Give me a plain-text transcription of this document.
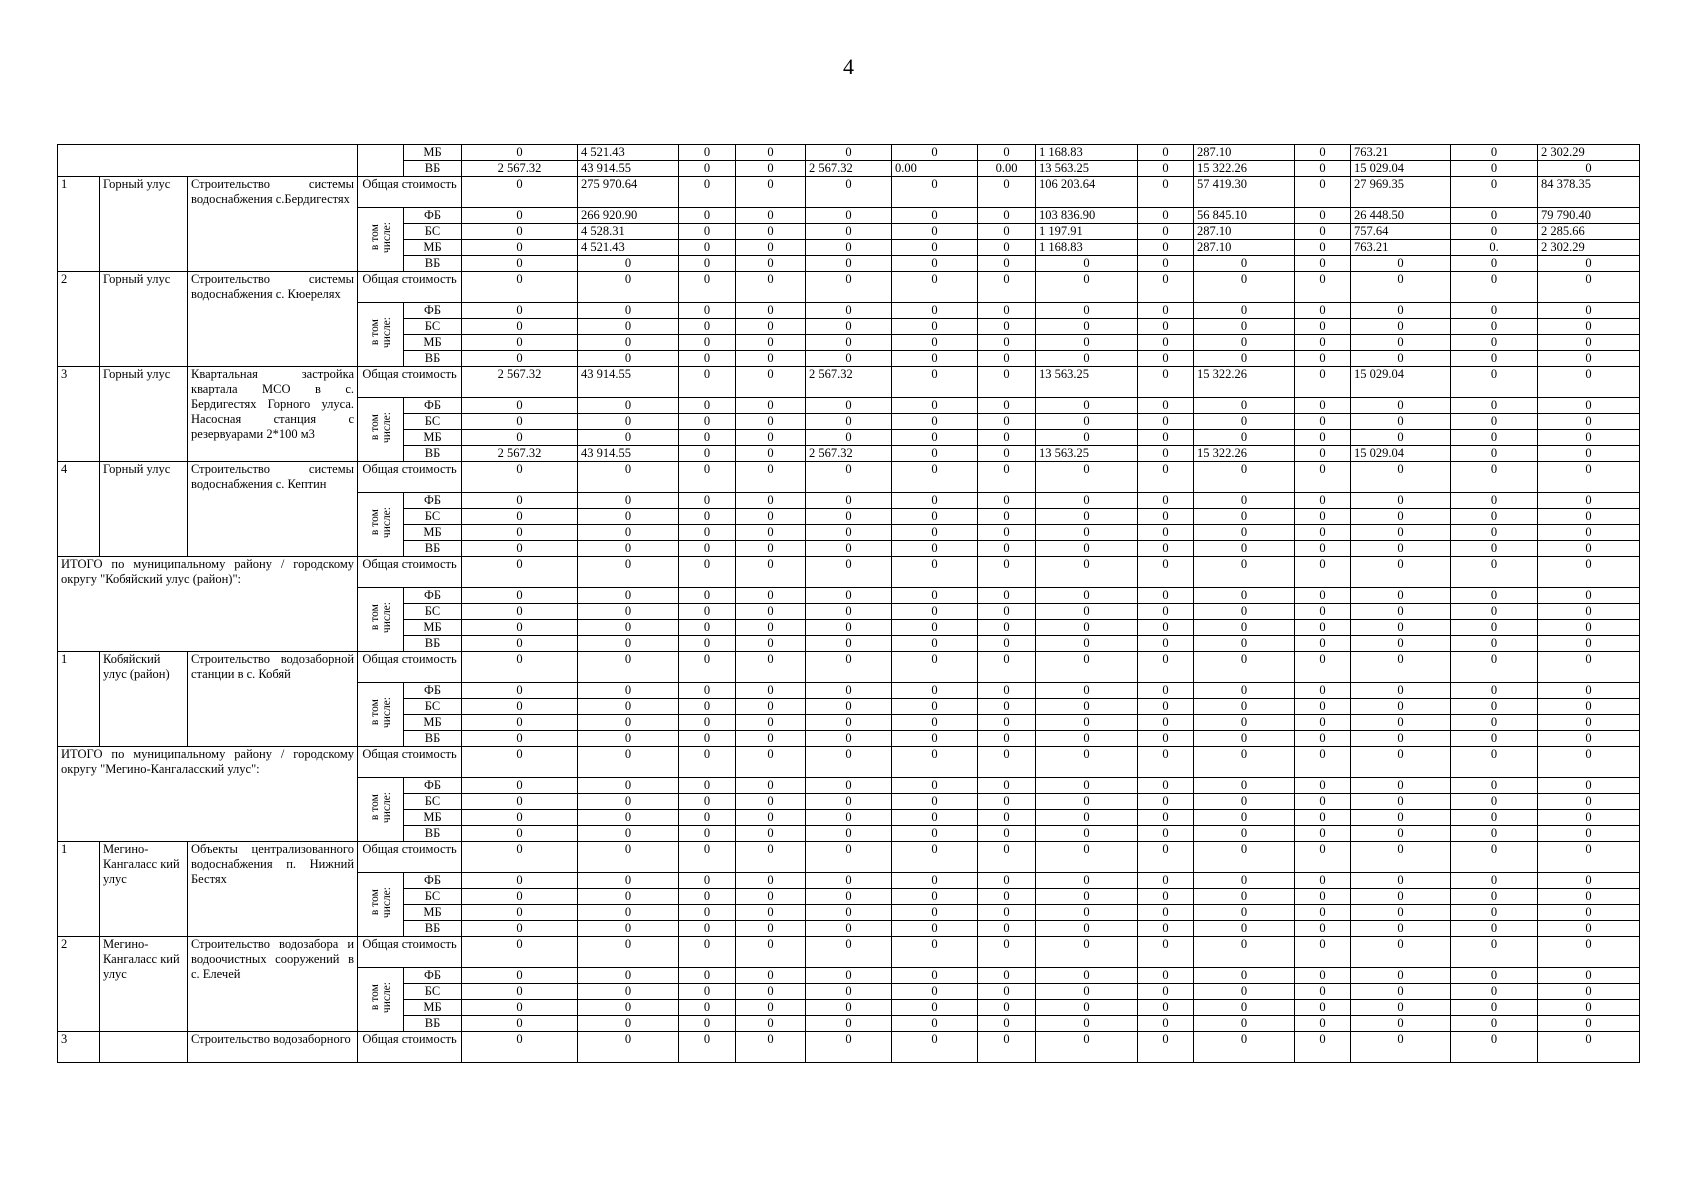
4
				МБ	0	4 521.43	0	0	0	0	0	1 168.83	0	287.10	0	763.21	0	2 302.29
				ВБ	2 567.32	43 914.55	0	0	2 567.32	0.00	0.00	13 563.25	0	15 322.26	0	15 029.04	0	0
1	Горный улус	Строительство системы водоснабжения с.Бердигестях	Общая стоимость		0	275 970.64	0	0	0	0	0	106 203.64	0	57 419.30	0	27 969.35	0	84 378.35
			в том
числе:	ФБ	0	266 920.90	0	0	0	0	0	103 836.90	0	56 845.10	0	26 448.50	0	79 790.40
				БС	0	4 528.31	0	0	0	0	0	1 197.91	0	287.10	0	757.64	0	2 285.66
				МБ	0	4 521.43	0	0	0	0	0	1 168.83	0	287.10	0	763.21	0.	2 302.29
				ВБ	0	0	0	0	0	0	0	0	0	0	0	0	0	0
2	Горный улус	Строительство системы водоснабжения с. Кюерелях	Общая стоимость		0	0	0	0	0	0	0	0	0	0	0	0	0	0
			в том
числе:	ФБ	0	0	0	0	0	0	0	0	0	0	0	0	0	0
				БС	0	0	0	0	0	0	0	0	0	0	0	0	0	0
				МБ	0	0	0	0	0	0	0	0	0	0	0	0	0	0
				ВБ	0	0	0	0	0	0	0	0	0	0	0	0	0	0
3	Горный улус	Квартальная застройка квартала МСО в с. Бердигестях Горного улуса. Насосная станция с резервуарами 2*100 м3	Общая стоимость		2 567.32	43 914.55	0	0	2 567.32	0	0	13 563.25	0	15 322.26	0	15 029.04	0	0
			в том
числе:	ФБ	0	0	0	0	0	0	0	0	0	0	0	0	0	0
				БС	0	0	0	0	0	0	0	0	0	0	0	0	0	0
				МБ	0	0	0	0	0	0	0	0	0	0	0	0	0	0
				ВБ	2 567.32	43 914.55	0	0	2 567.32	0	0	13 563.25	0	15 322.26	0	15 029.04	0	0
4	Горный улус	Строительство системы водоснабжения с. Кептин	Общая стоимость		0	0	0	0	0	0	0	0	0	0	0	0	0	0
			в том
числе:	ФБ	0	0	0	0	0	0	0	0	0	0	0	0	0	0
				БС	0	0	0	0	0	0	0	0	0	0	0	0	0	0
				МБ	0	0	0	0	0	0	0	0	0	0	0	0	0	0
				ВБ	0	0	0	0	0	0	0	0	0	0	0	0	0	0
ИТОГО по муниципальному району / городскому округу "Кобяйский улус (район)":			Общая стоимость		0	0	0	0	0	0	0	0	0	0	0	0	0	0
			в том
числе:	ФБ	0	0	0	0	0	0	0	0	0	0	0	0	0	0
				БС	0	0	0	0	0	0	0	0	0	0	0	0	0	0
				МБ	0	0	0	0	0	0	0	0	0	0	0	0	0	0
				ВБ	0	0	0	0	0	0	0	0	0	0	0	0	0	0
1	Кобяйский улус (район)	Строительство водозаборной станции в с. Кобяй	Общая стоимость		0	0	0	0	0	0	0	0	0	0	0	0	0	0
			в том
числе:	ФБ	0	0	0	0	0	0	0	0	0	0	0	0	0	0
				БС	0	0	0	0	0	0	0	0	0	0	0	0	0	0
				МБ	0	0	0	0	0	0	0	0	0	0	0	0	0	0
				ВБ	0	0	0	0	0	0	0	0	0	0	0	0	0	0
ИТОГО по муниципальному району / городскому округу "Мегино-Кангаласский улус":			Общая стоимость		0	0	0	0	0	0	0	0	0	0	0	0	0	0
			в том
числе:	ФБ	0	0	0	0	0	0	0	0	0	0	0	0	0	0
				БС	0	0	0	0	0	0	0	0	0	0	0	0	0	0
				МБ	0	0	0	0	0	0	0	0	0	0	0	0	0	0
				ВБ	0	0	0	0	0	0	0	0	0	0	0	0	0	0
1	Мегино-Кангаласс кий улус	Объекты централизованного водоснабжения п. Нижний Бестях	Общая стоимость		0	0	0	0	0	0	0	0	0	0	0	0	0	0
			в том
числе:	ФБ	0	0	0	0	0	0	0	0	0	0	0	0	0	0
				БС	0	0	0	0	0	0	0	0	0	0	0	0	0	0
				МБ	0	0	0	0	0	0	0	0	0	0	0	0	0	0
				ВБ	0	0	0	0	0	0	0	0	0	0	0	0	0	0
2	Мегино-Кангаласс кий улус	Строительство водозабора и водоочистных сооружений в с. Елечей	Общая стоимость		0	0	0	0	0	0	0	0	0	0	0	0	0	0
			в том
числе:	ФБ	0	0	0	0	0	0	0	0	0	0	0	0	0	0
				БС	0	0	0	0	0	0	0	0	0	0	0	0	0	0
				МБ	0	0	0	0	0	0	0	0	0	0	0	0	0	0
				ВБ	0	0	0	0	0	0	0	0	0	0	0	0	0	0
3		Строительство водозаборного	Общая стоимость		0	0	0	0	0	0	0	0	0	0	0	0	0	0
